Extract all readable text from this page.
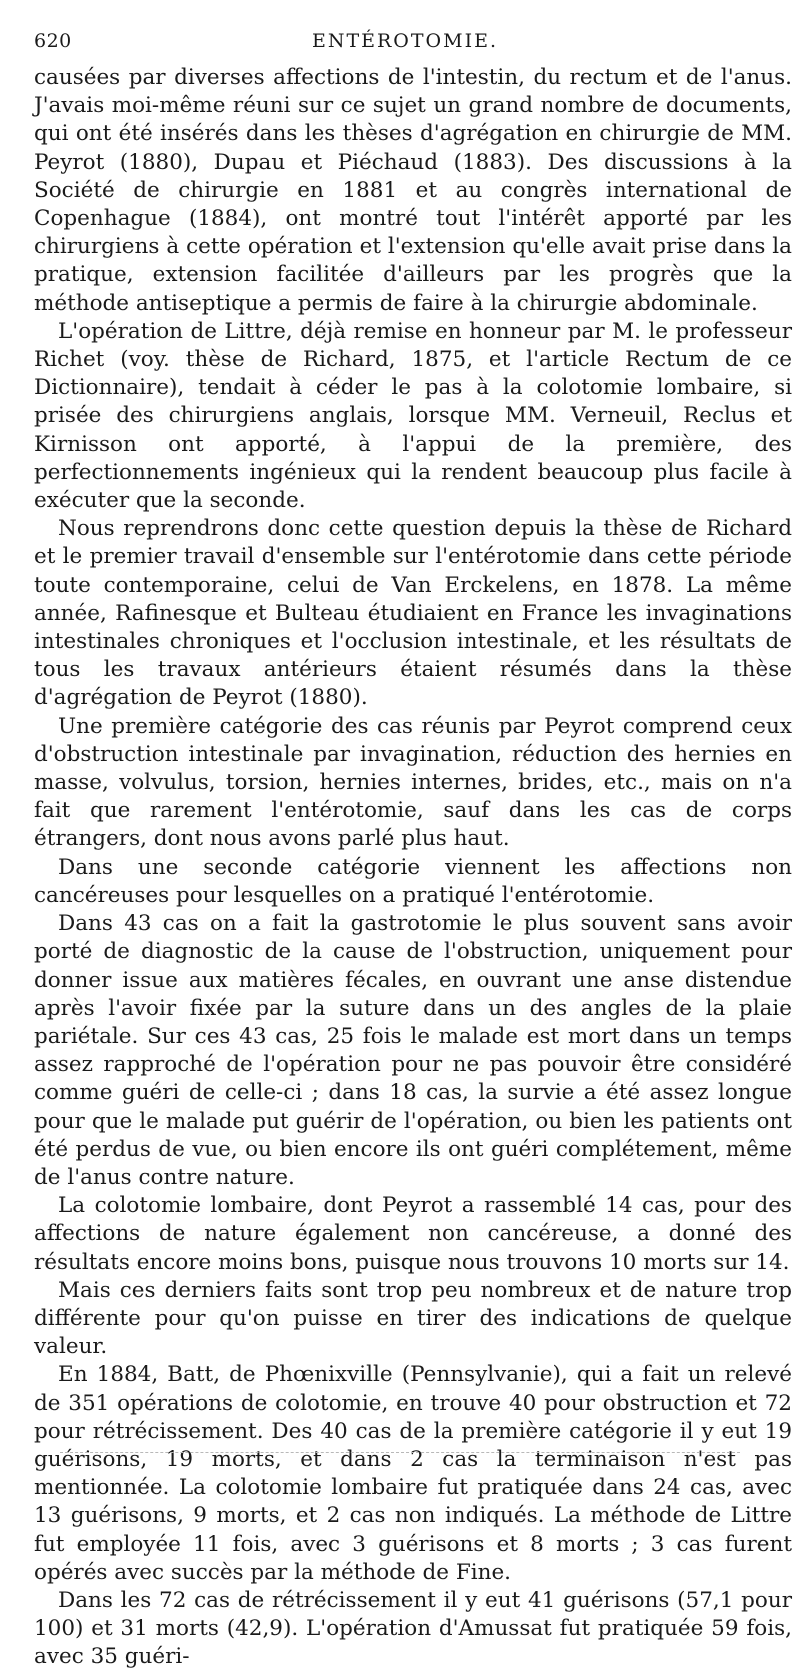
620	ENTÉROTOMIE.

causées par diverses affections de l'intestin, du rectum et de l'anus. J'avais moi-même réuni sur ce sujet un grand nombre de documents, qui ont été insérés dans les thèses d'agrégation en chirurgie de MM. Peyrot (1880), Dupau et Piéchaud (1883). Des discussions à la Société de chirurgie en 1881 et au congrès international de Copenhague (1884), ont montré tout l'intérêt apporté par les chirurgiens à cette opération et l'extension qu'elle avait prise dans la pratique, extension facilitée d'ailleurs par les progrès que la méthode antiseptique a permis de faire à la chirurgie abdominale.

L'opération de Littre, déjà remise en honneur par M. le professeur Richet (voy. thèse de Richard, 1875, et l'article Rectum de ce Dictionnaire), tendait à céder le pas à la colotomie lombaire, si prisée des chirurgiens anglais, lorsque MM. Verneuil, Reclus et Kirnisson ont apporté, à l'appui de la première, des perfectionnements ingénieux qui la rendent beaucoup plus facile à exécuter que la seconde.

Nous reprendrons donc cette question depuis la thèse de Richard et le premier travail d'ensemble sur l'entérotomie dans cette période toute contemporaine, celui de Van Erckelens, en 1878. La même année, Rafinesque et Bulteau étudiaient en France les invaginations intestinales chroniques et l'occlusion intestinale, et les résultats de tous les travaux antérieurs étaient résumés dans la thèse d'agrégation de Peyrot (1880).

Une première catégorie des cas réunis par Peyrot comprend ceux d'obstruction intestinale par invagination, réduction des hernies en masse, volvulus, torsion, hernies internes, brides, etc., mais on n'a fait que rarement l'entérotomie, sauf dans les cas de corps étrangers, dont nous avons parlé plus haut.

Dans une seconde catégorie viennent les affections non cancéreuses pour lesquelles on a pratiqué l'entérotomie.

Dans 43 cas on a fait la gastrotomie le plus souvent sans avoir porté de diagnostic de la cause de l'obstruction, uniquement pour donner issue aux matières fécales, en ouvrant une anse distendue après l'avoir fixée par la suture dans un des angles de la plaie pariétale. Sur ces 43 cas, 25 fois le malade est mort dans un temps assez rapproché de l'opération pour ne pas pouvoir être considéré comme guéri de celle-ci ; dans 18 cas, la survie a été assez longue pour que le malade put guérir de l'opération, ou bien les patients ont été perdus de vue, ou bien encore ils ont guéri complétement, même de l'anus contre nature.

La colotomie lombaire, dont Peyrot a rassemblé 14 cas, pour des affections de nature également non cancéreuse, a donné des résultats encore moins bons, puisque nous trouvons 10 morts sur 14.

Mais ces derniers faits sont trop peu nombreux et de nature trop différente pour qu'on puisse en tirer des indications de quelque valeur.

En 1884, Batt, de Phœnixville (Pennsylvanie), qui a fait un relevé de 351 opérations de colotomie, en trouve 40 pour obstruction et 72 pour rétrécissement. Des 40 cas de la première catégorie il y eut 19 guérisons, 19 morts, et dans 2 cas la terminaison n'est pas mentionnée. La colotomie lombaire fut pratiquée dans 24 cas, avec 13 guérisons, 9 morts, et 2 cas non indiqués. La méthode de Littre fut employée 11 fois, avec 3 guérisons et 8 morts ; 3 cas furent opérés avec succès par la méthode de Fine.

Dans les 72 cas de rétrécissement il y eut 41 guérisons (57,1 pour 100) et 31 morts (42,9). L'opération d'Amussat fut pratiquée 59 fois, avec 35 guéri-
